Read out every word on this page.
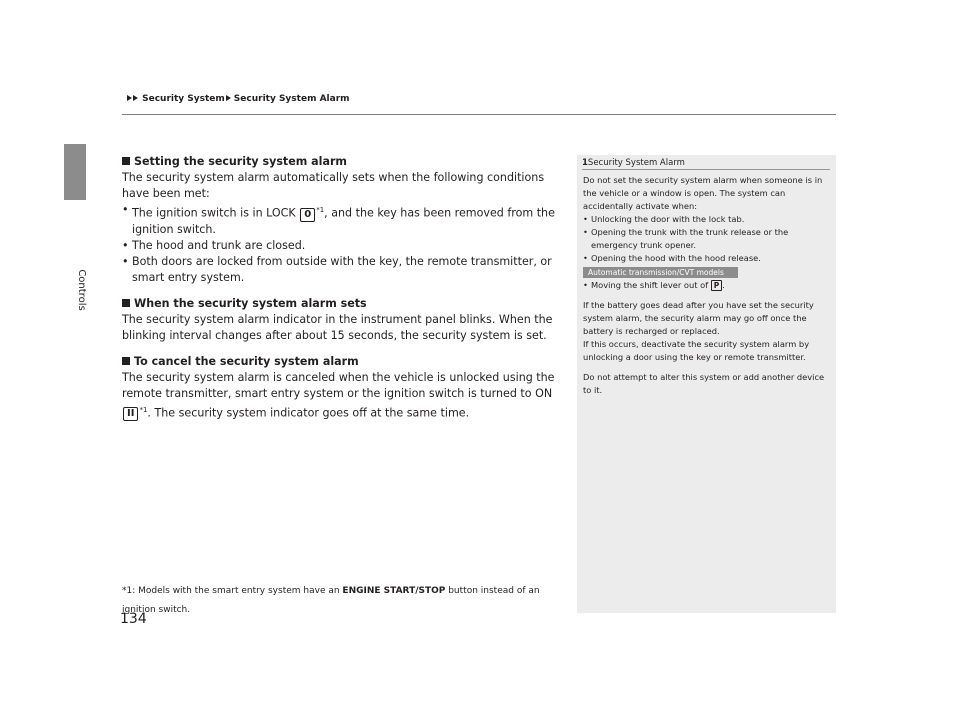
Security System Security System Alarm
Controls
Setting the security system alarm

The security system alarm automatically sets when the following conditions have been met:

• The ignition switch is in LOCK 0 $^{*1}$, and the key has been removed from the ignition switch.
• The hood and trunk are closed.
• Both doors are locked from outside with the key, the remote transmitter, or smart entry system.
When the security system alarm sets

The security system alarm indicator in the instrument panel blinks. When the blinking interval changes after about 15 seconds, the security system is set.

To cancel the security system alarm

The security system alarm is canceled when the vehicle is unlocked using the remote transmitter, smart entry system or the ignition switch is turned to ON II $^{*1}$. The security system indicator goes off at the same time.

*1: Models with the smart entry system have an ENGINE START/STOP button instead of an ignition switch.
134
1Security System Alarm

Do not set the security system alarm when someone is in the vehicle or a window is open. The system can accidentally activate when:

• Unlocking the door with the lock tab.
• Opening the trunk with the trunk release or the emergency trunk opener.
• Opening the hood with the hood release.
Automatic transmission/CVT models
• Moving the shift lever out of P .

If the battery goes dead after you have set the security system alarm, the security alarm may go off once the battery is recharged or replaced.

If this occurs, deactivate the security system alarm by unlocking a door using the key or remote transmitter.

Do not attempt to alter this system or add another device to it.
